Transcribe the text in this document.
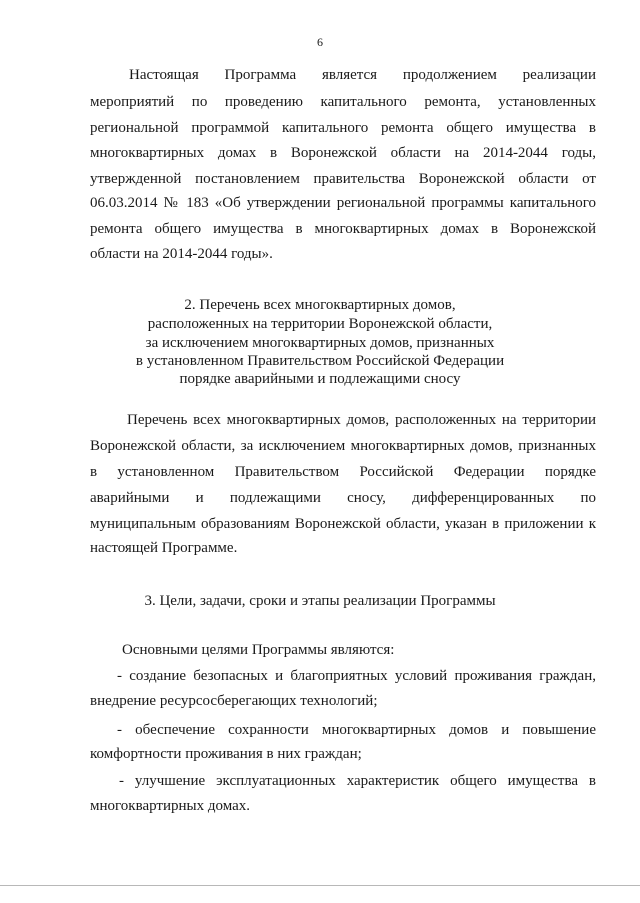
6
Настоящая Программа является продолжением реализации
мероприятий по проведению капитального ремонта, установленных
региональной программой капитального ремонта общего имущества в
многоквартирных домах в Воронежской области на 2014-2044 годы,
утвержденной постановлением правительства Воронежской области от
06.03.2014 № 183 «Об утверждении региональной программы капитального
ремонта общего имущества в многоквартирных домах в Воронежской
области на 2014-2044 годы».
2. Перечень всех многоквартирных домов,
расположенных на территории Воронежской области,
за исключением многоквартирных домов, признанных
в установленном Правительством Российской Федерации
порядке аварийными и подлежащими сносу
Перечень всех многоквартирных домов, расположенных на территории
Воронежской области, за исключением многоквартирных домов, признанных
в установленном Правительством Российской Федерации порядке
аварийными и подлежащими сносу, дифференцированных по
муниципальным образованиям Воронежской области, указан в приложении к
настоящей Программе.
3. Цели, задачи, сроки и этапы реализации Программы
Основными целями Программы являются:
- создание безопасных и благоприятных условий проживания граждан,
внедрение ресурсосберегающих технологий;
- обеспечение сохранности многоквартирных домов и повышение
комфортности проживания в них граждан;
- улучшение эксплуатационных характеристик общего имущества в
многоквартирных домах.
